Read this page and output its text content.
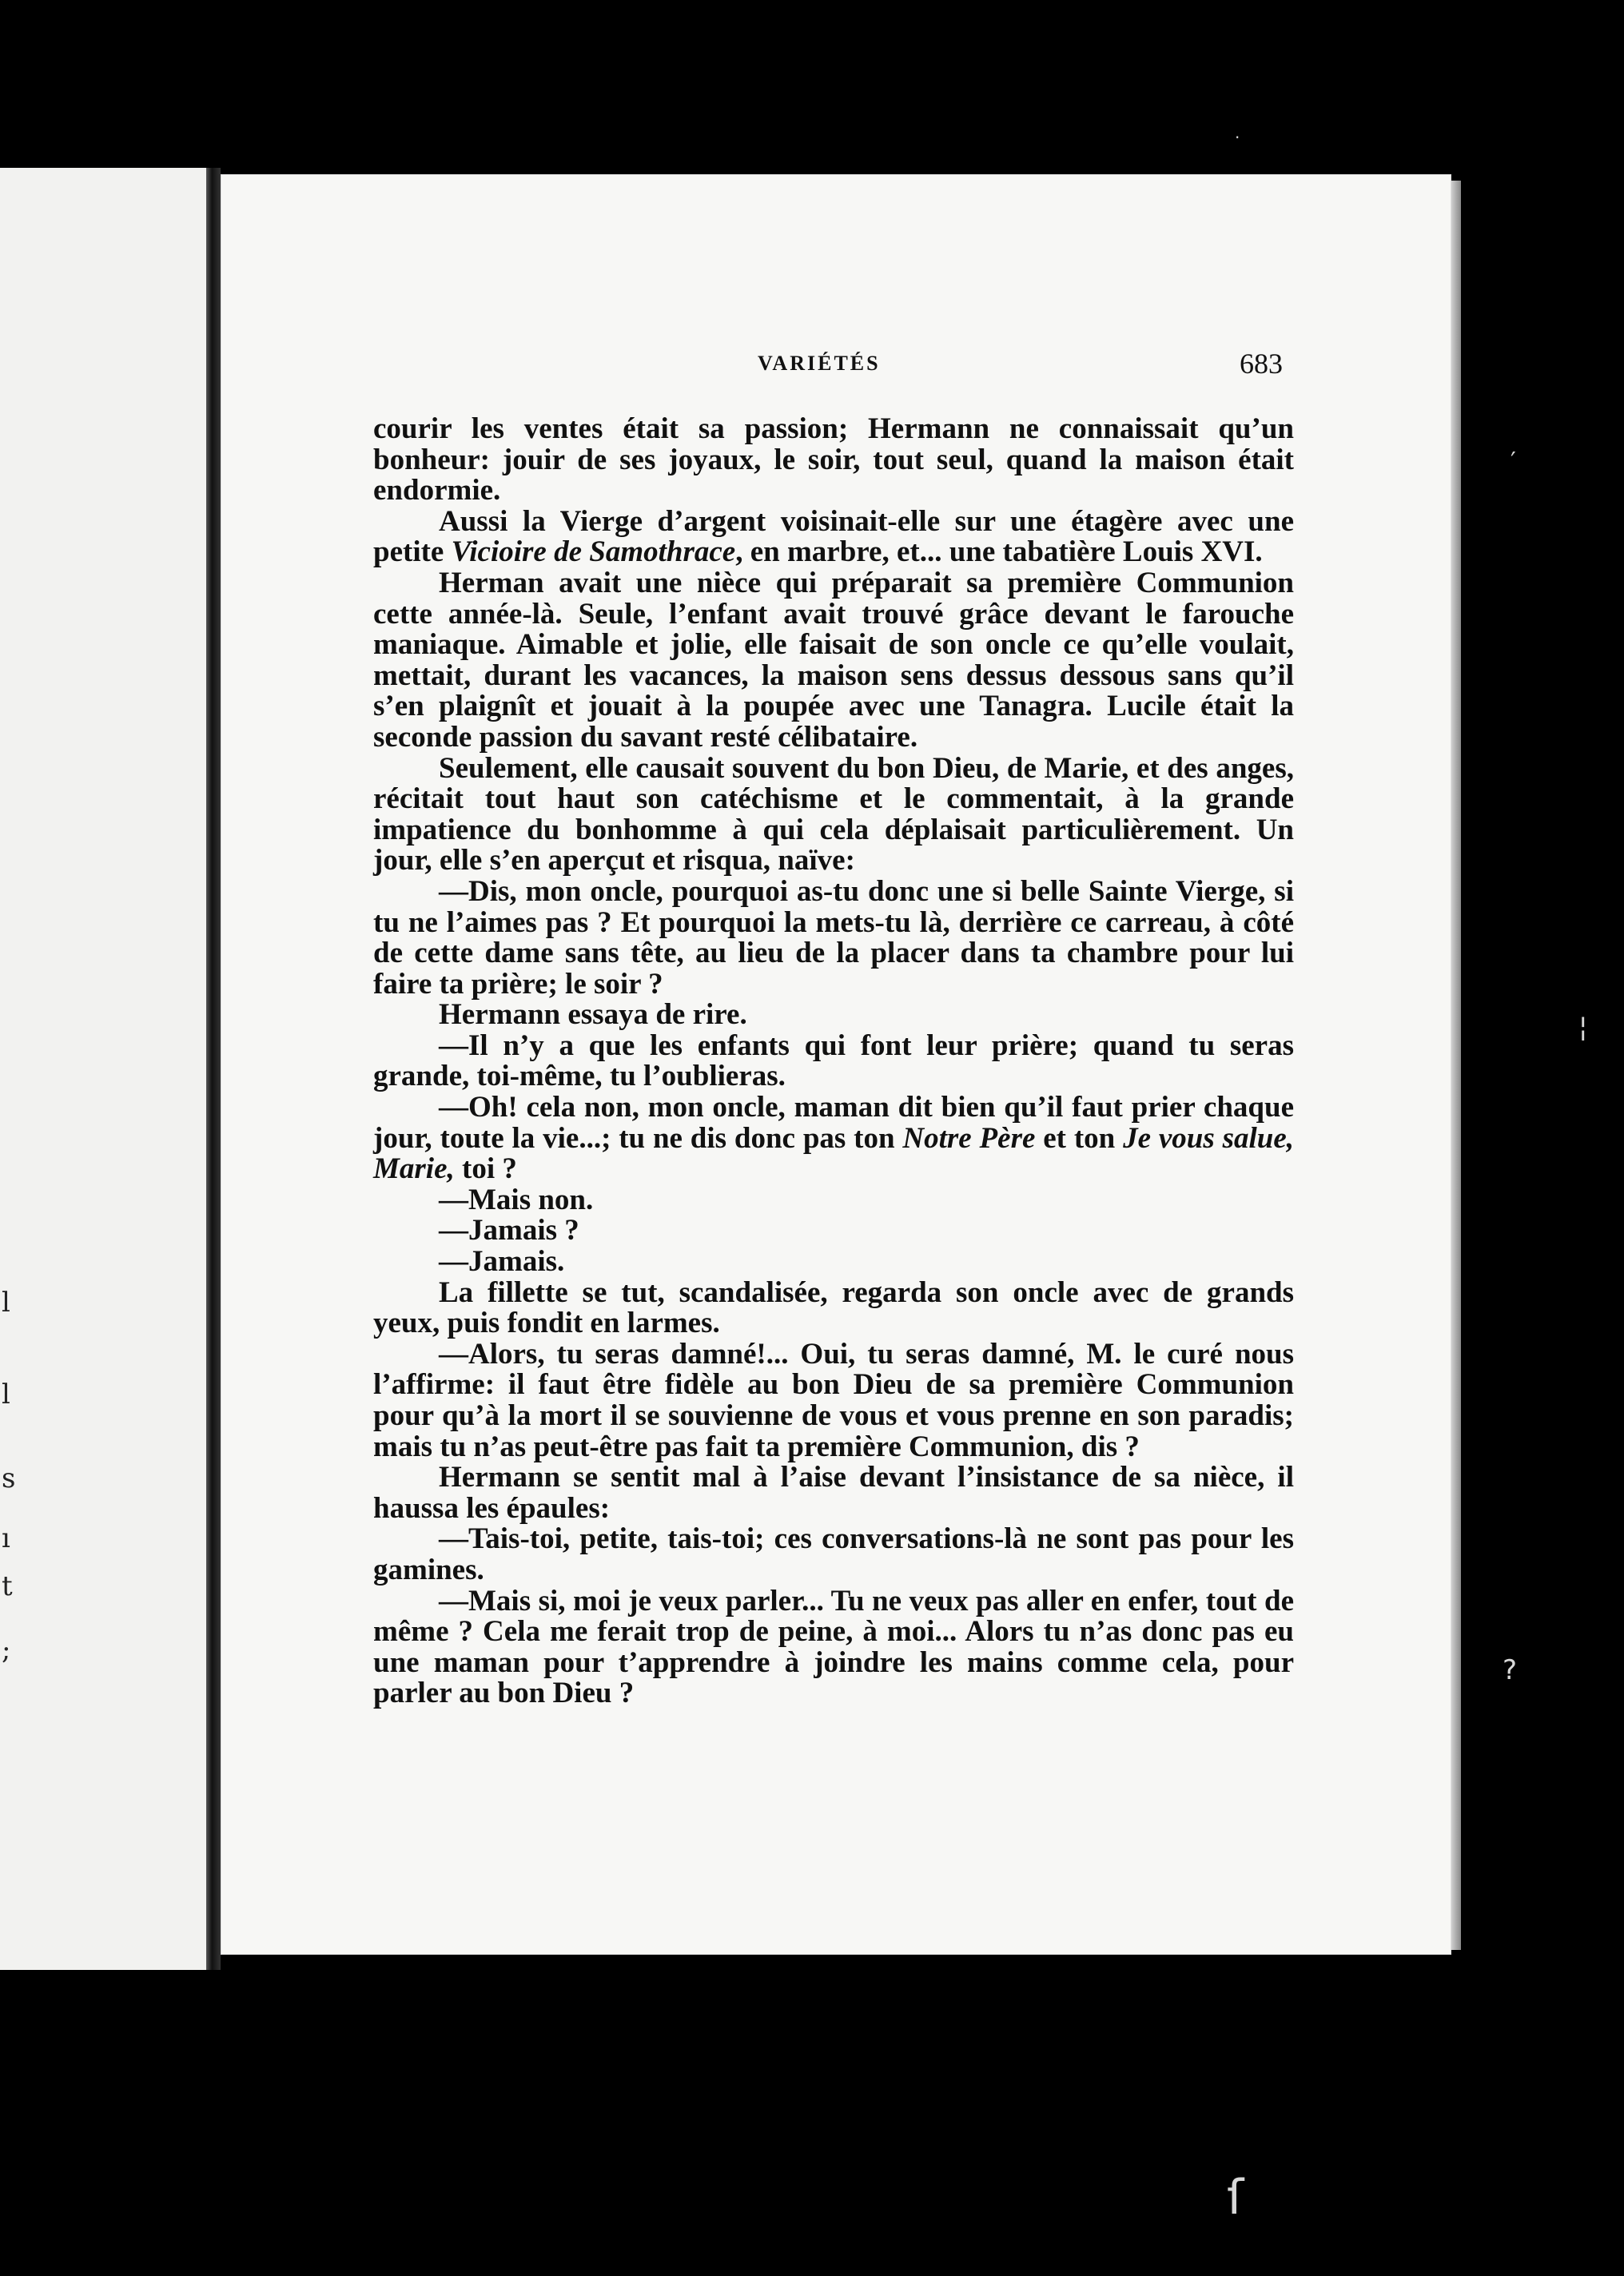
l
l
s
ı
t
;
VARIÉTÉS	683

courir les ventes était sa passion; Hermann ne connaissait qu’un bonheur: jouir de ses joyaux, le soir, tout seul, quand la maison était endormie.

Aussi la Vierge d’argent voisinait-elle sur une étagère avec une petite Vicioire de Samothrace, en marbre, et... une tabatière Louis XVI.

Herman avait une nièce qui préparait sa première Communion cette année-là. Seule, l’enfant avait trouvé grâce devant le farouche maniaque. Aimable et jolie, elle faisait de son oncle ce qu’elle voulait, mettait, durant les vacances, la maison sens dessus dessous sans qu’il s’en plaignît et jouait à la poupée avec une Tanagra. Lucile était la seconde passion du savant resté célibataire.

Seulement, elle causait souvent du bon Dieu, de Marie, et des anges, récitait tout haut son catéchisme et le commentait, à la grande impatience du bonhomme à qui cela déplaisait particulièrement. Un jour, elle s’en aperçut et risqua, naïve:

—Dis, mon oncle, pourquoi as-tu donc une si belle Sainte Vierge, si tu ne l’aimes pas ? Et pourquoi la mets-tu là, derrière ce carreau, à côté de cette dame sans tête, au lieu de la placer dans ta chambre pour lui faire ta prière; le soir ?

Hermann essaya de rire.

—Il n’y a que les enfants qui font leur prière; quand tu seras grande, toi-même, tu l’oublieras.

—Oh! cela non, mon oncle, maman dit bien qu’il faut prier chaque jour, toute la vie...; tu ne dis donc pas ton Notre Père et ton Je vous salue, Marie, toi ?

—Mais non.

—Jamais ?

—Jamais.

La fillette se tut, scandalisée, regarda son oncle avec de grands yeux, puis fondit en larmes.

—Alors, tu seras damné!... Oui, tu seras damné, M. le curé nous l’affirme: il faut être fidèle au bon Dieu de sa première Communion pour qu’à la mort il se souvienne de vous et vous prenne en son paradis; mais tu n’as peut-être pas fait ta première Communion, dis ?

Hermann se sentit mal à l’aise devant l’insistance de sa nièce, il haussa les épaules:

—Tais-toi, petite, tais-toi; ces conversations-là ne sont pas pour les gamines.

—Mais si, moi je veux parler... Tu ne veux pas aller en enfer, tout de même ? Cela me ferait trop de peine, à moi... Alors tu n’as donc pas eu une maman pour t’apprendre à joindre les mains comme cela, pour parler au bon Dieu ?

·
′
¦
?
ſ
